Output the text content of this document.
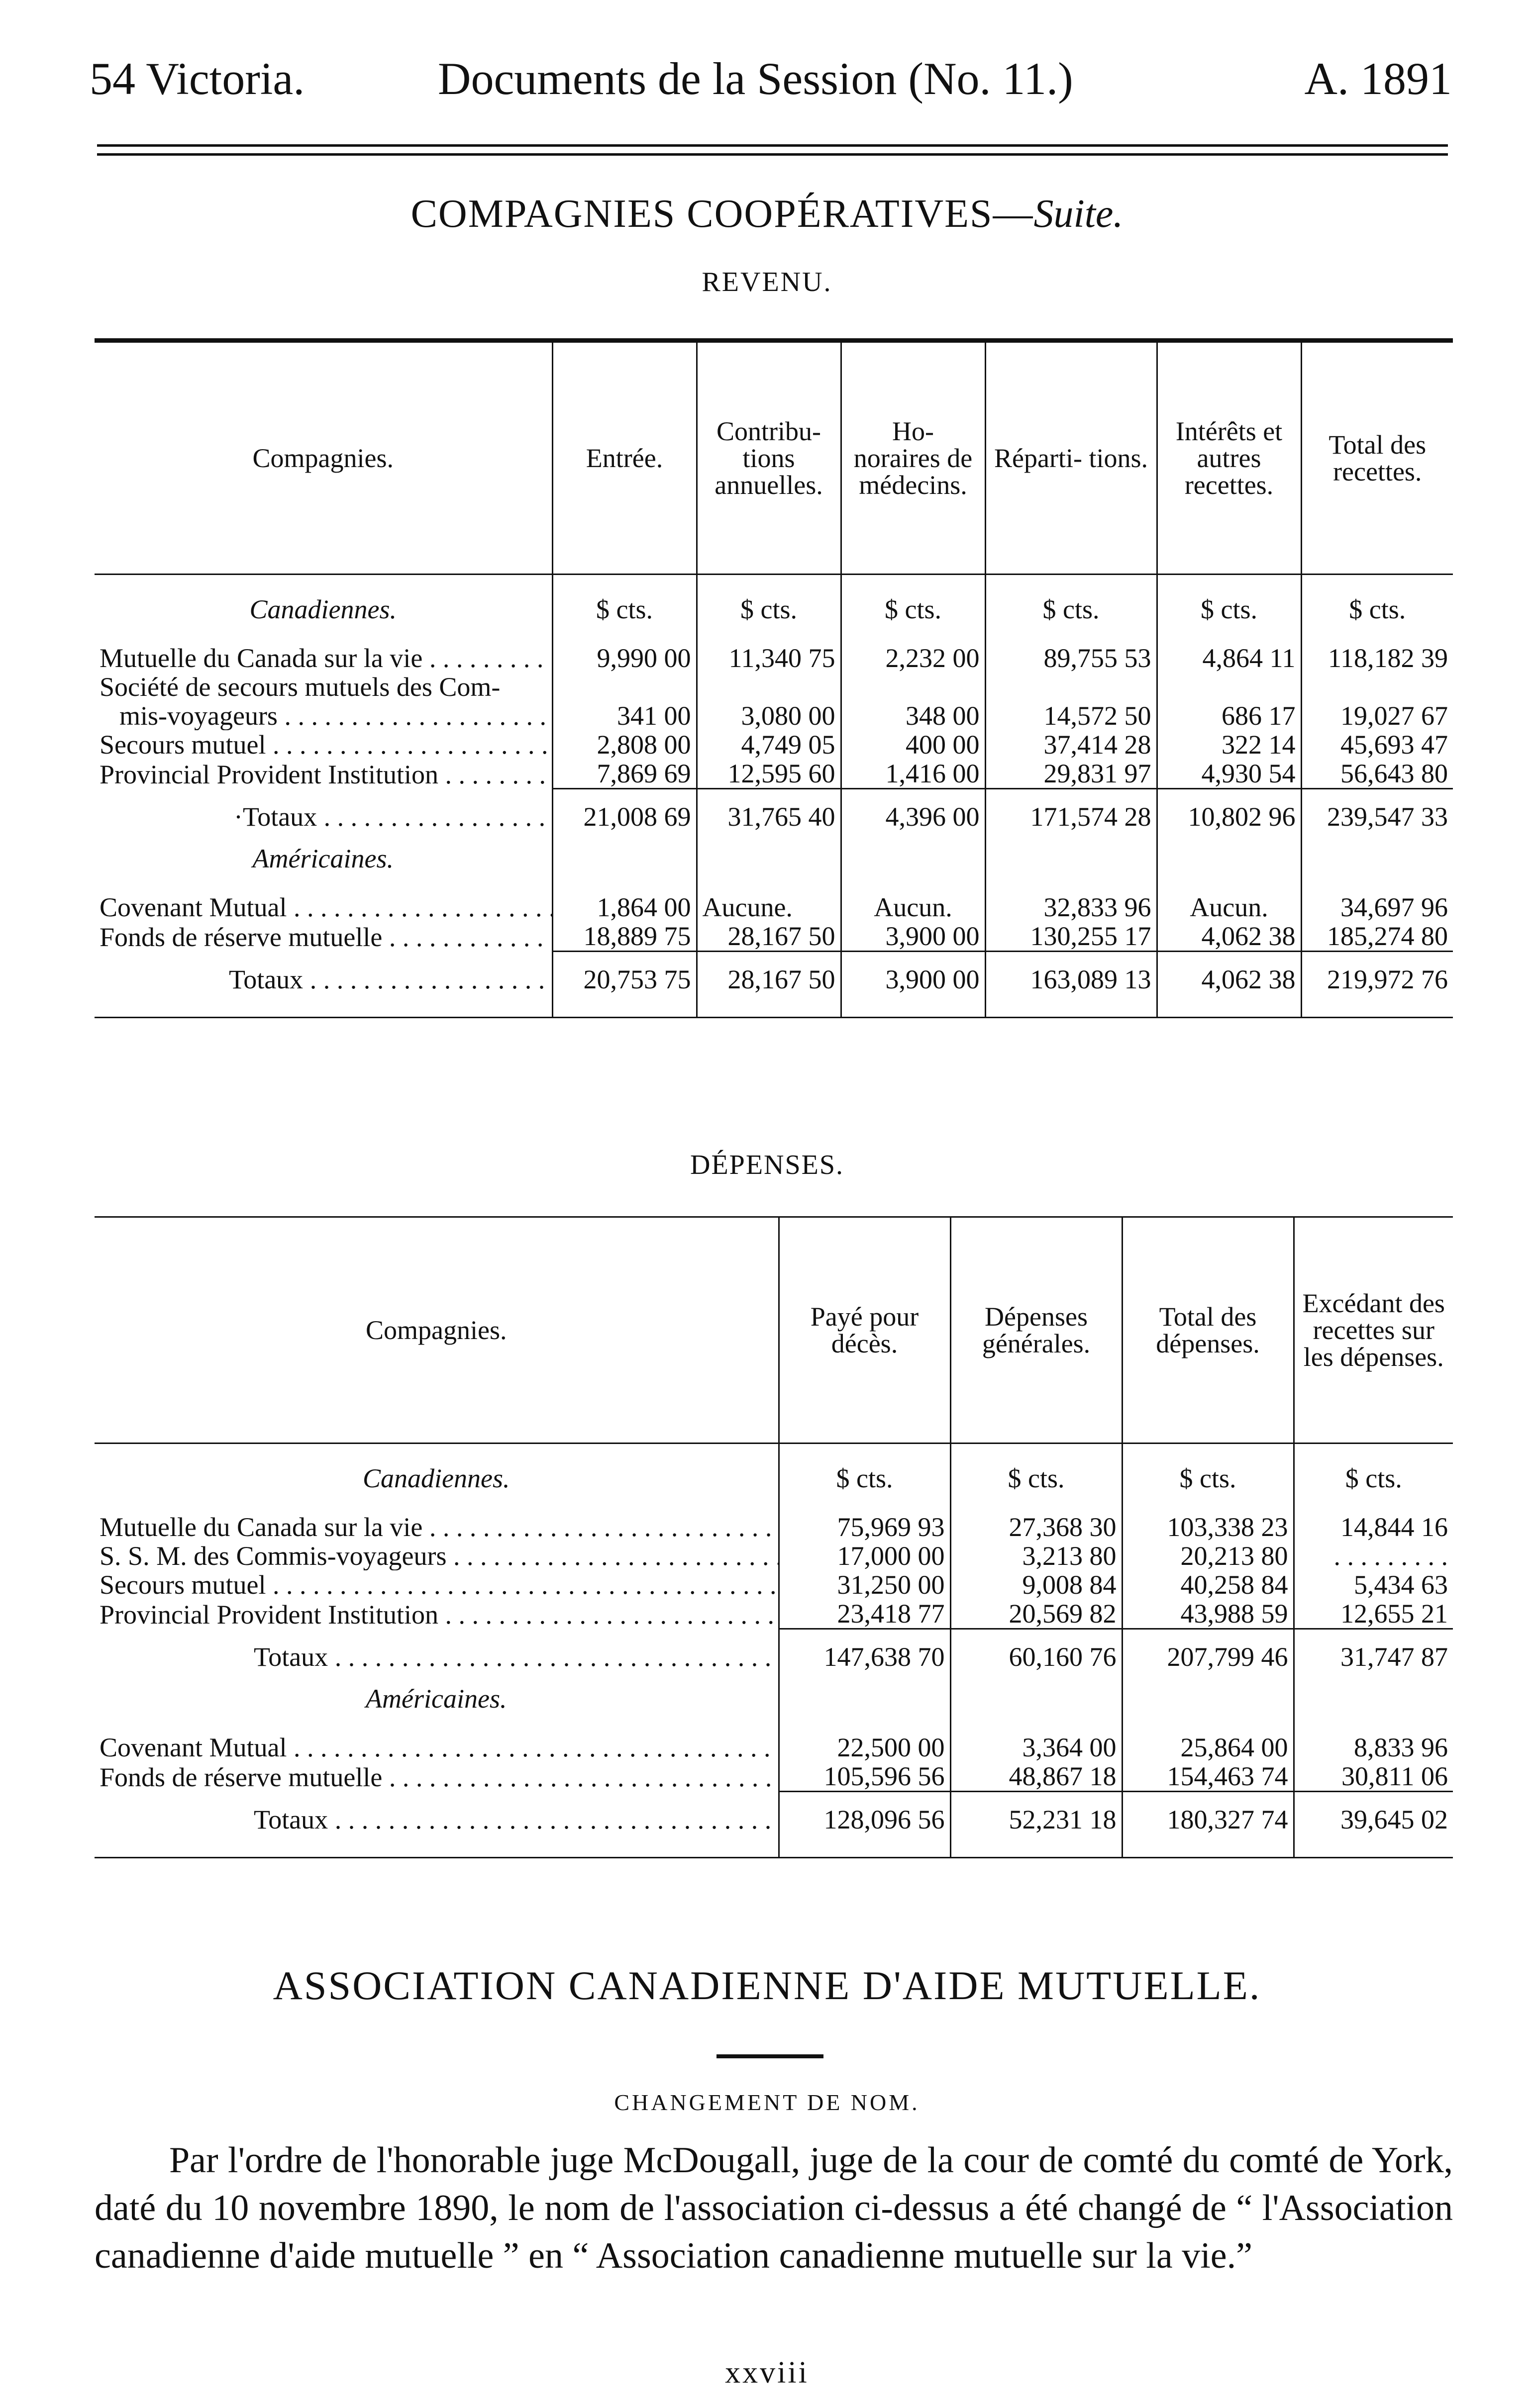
54 Victoria.	Documents de la Session (No. 11.)	A. 1891
COMPAGNIES COOPÉRATIVES—Suite.
REVENU.
Compagnies.	Entrée.	Contribu- tions annuelles.	Ho- noraires de médecins.	Réparti- tions.	Intérêts et autres recettes.	Total des recettes.
Canadiennes.	$ cts.	$ cts.	$ cts.	$ cts.	$ cts.	$ cts.

Mutuelle du Canada sur la vie . . .	9,990 00	11,340 75	2,232 00	89,755 53	4,864 11	118,182 39
Société de secours mutuels des Com-						
mis-voyageurs . . .	341 00	3,080 00	348 00	14,572 50	686 17	19,027 67
Secours mutuel . . .	2,808 00	4,749 05	400 00	37,414 28	322 14	45,693 47
Provincial Provident Institution . . .	7,869 69	12,595 60	1,416 00	29,831 97	4,930 54	56,643 80
·Totaux . . .	21,008 69	31,765 40	4,396 00	171,574 28	10,802 96	239,547 33
Américaines.						
Covenant Mutual . . .	1,864 00	Aucune.	Aucun.	32,833 96	Aucun.	34,697 96
Fonds de réserve mutuelle . . .	18,889 75	28,167 50	3,900 00	130,255 17	4,062 38	185,274 80
Totaux . . .	20,753 75	28,167 50	3,900 00	163,089 13	4,062 38	219,972 76

DÉPENSES.
Compagnies.	Payé pour décès.	Dépenses générales.	Total des dépenses.	Excédant des recettes sur les dépenses.
Canadiennes.	$ cts.	$ cts.	$ cts.	$ cts.

Mutuelle du Canada sur la vie . . .	75,969 93	27,368 30	103,338 23	14,844 16
S. S. M. des Commis-voyageurs . . .	17,000 00	3,213 80	20,213 80	. . . . . . . . .
Secours mutuel . . .	31,250 00	9,008 84	40,258 84	5,434 63
Provincial Provident Institution . . .	23,418 77	20,569 82	43,988 59	12,655 21
Totaux . . .	147,638 70	60,160 76	207,799 46	31,747 87
Américaines.				
Covenant Mutual . . .	22,500 00	3,364 00	25,864 00	8,833 96
Fonds de réserve mutuelle . . .	105,596 56	48,867 18	154,463 74	30,811 06
Totaux . . .	128,096 56	52,231 18	180,327 74	39,645 02

ASSOCIATION CANADIENNE D'AIDE MUTUELLE.
CHANGEMENT DE NOM.
Par l'ordre de l'honorable juge McDougall, juge de la cour de comté du comté de York, daté du 10 novembre 1890, le nom de l'association ci-dessus a été changé de “ l'Association canadienne d'aide mutuelle ” en “ Association canadienne mutuelle sur la vie.”
xxviii
